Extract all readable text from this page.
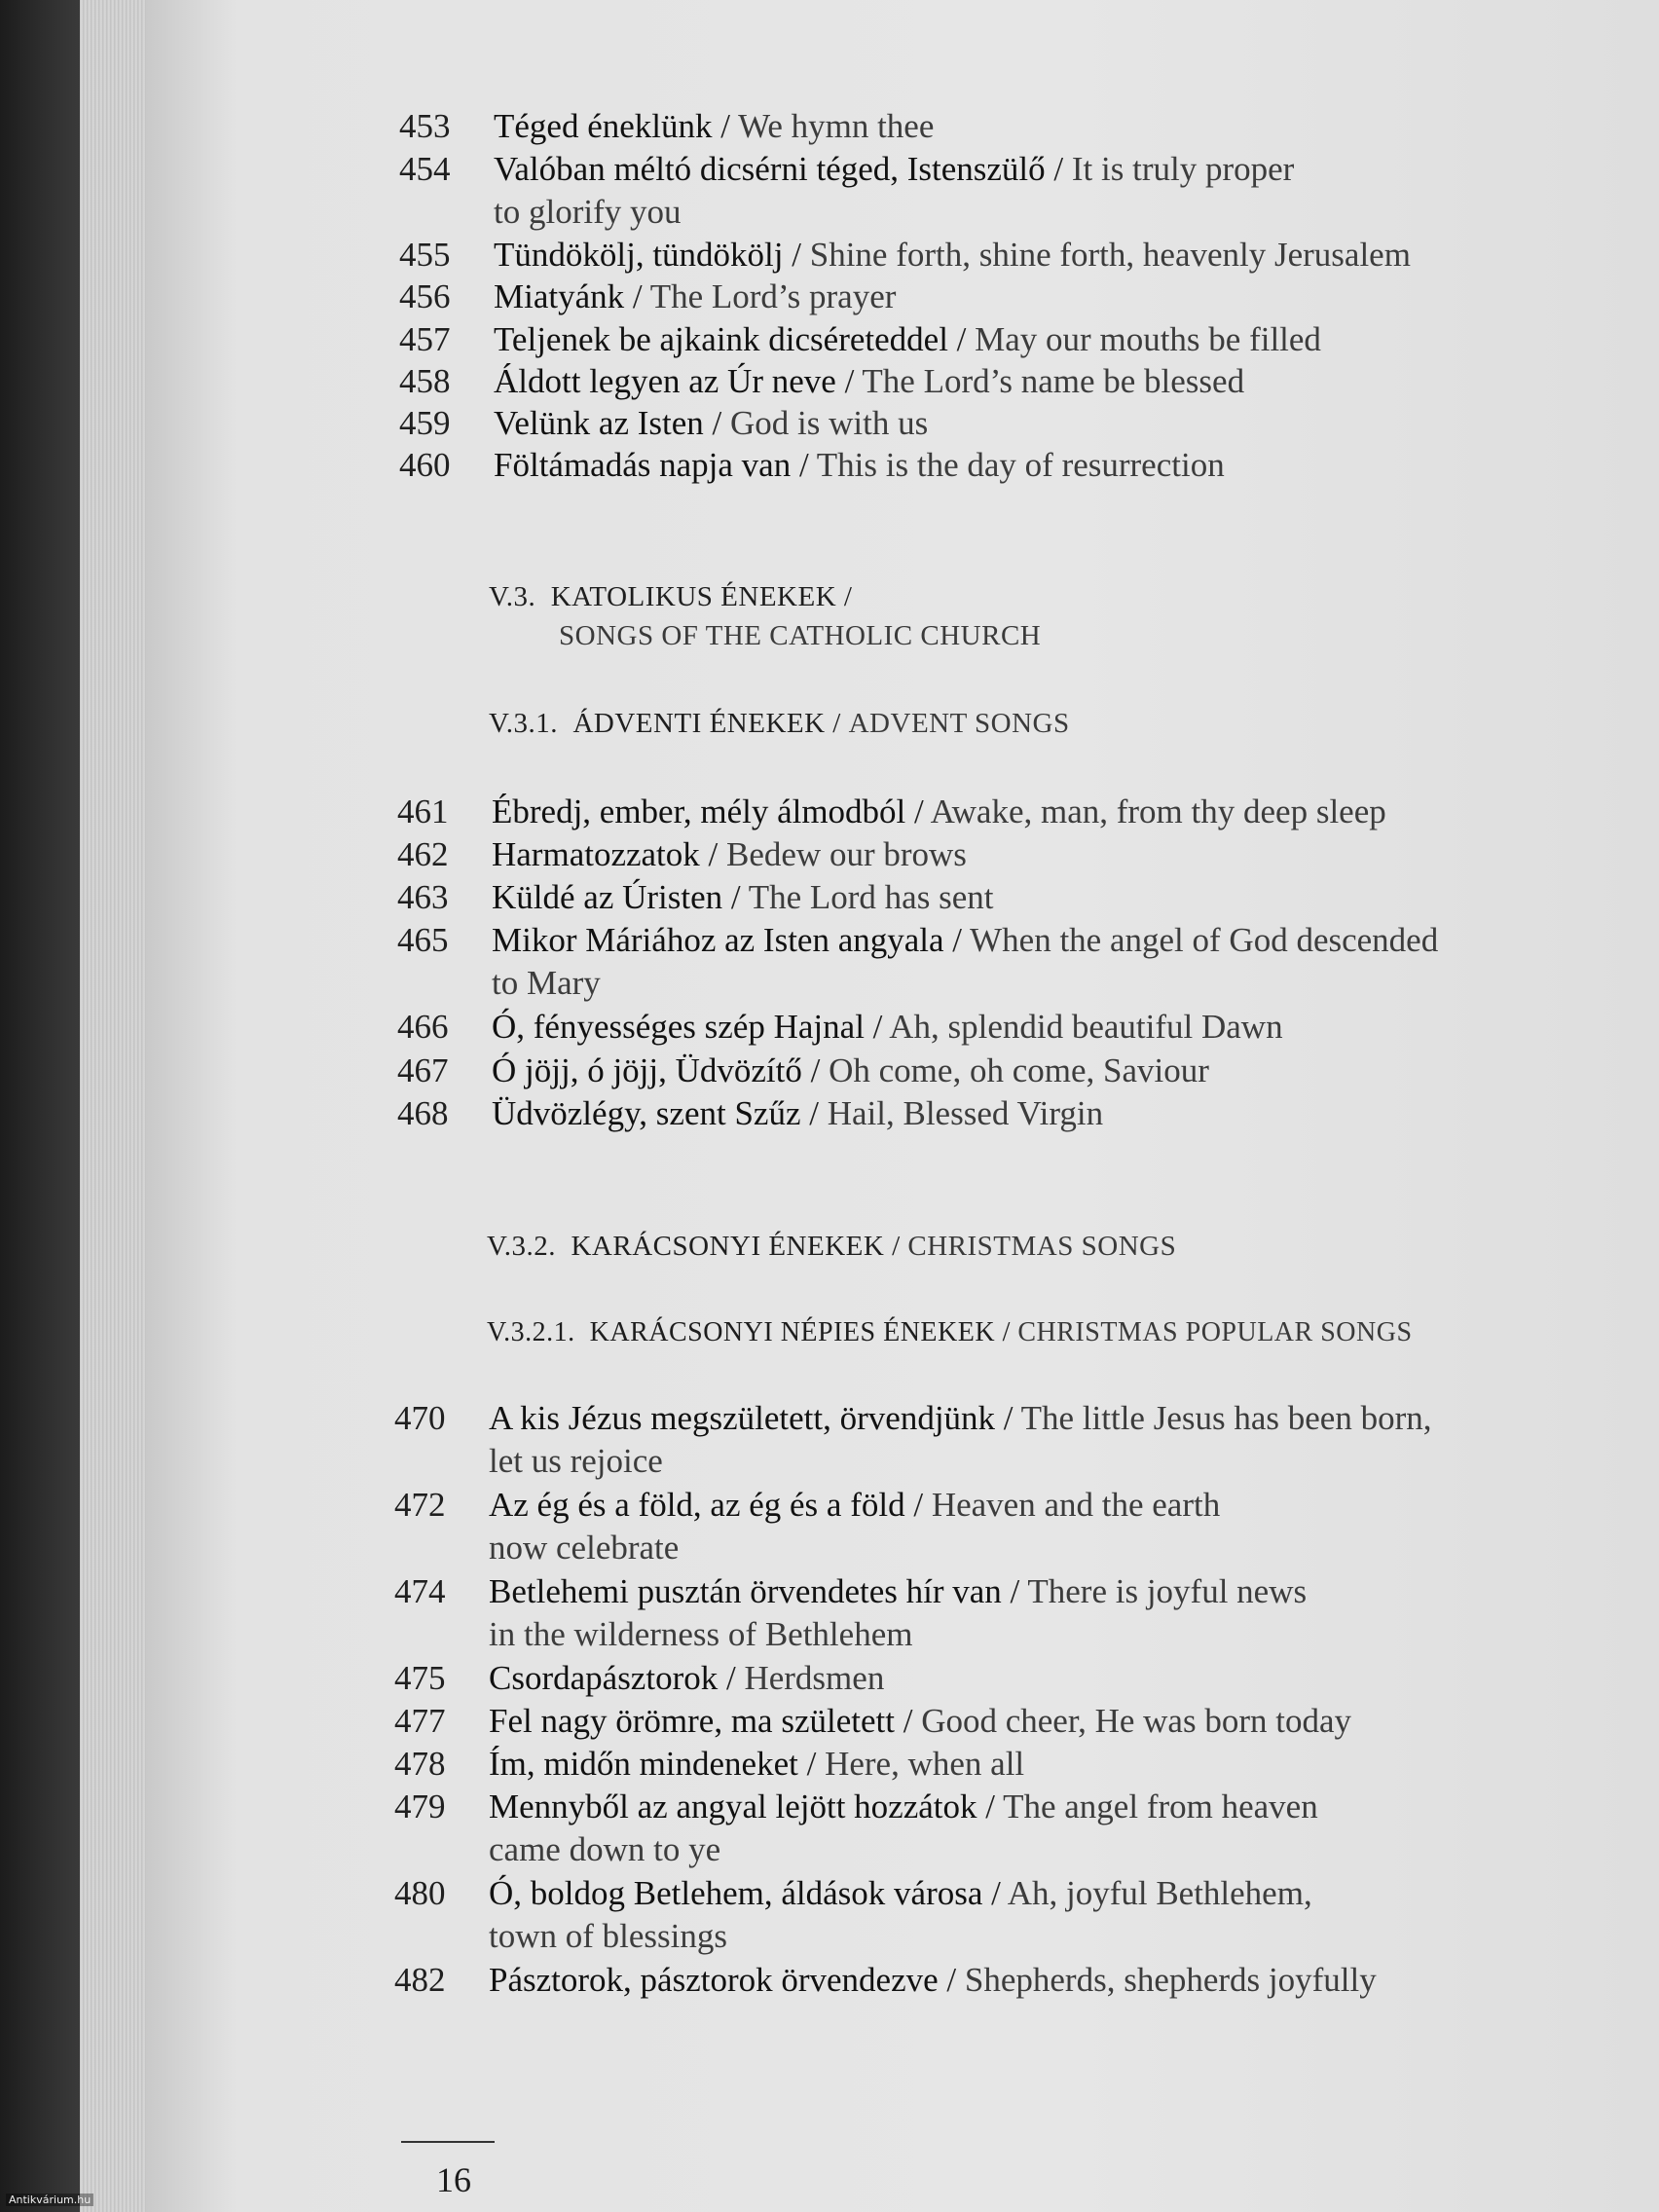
453	Téged éneklünk / We hymn thee
454	Valóban méltó dicsérni téged, Istenszülő / It is truly proper
to glorify you
455	Tündökölj, tündökölj / Shine forth, shine forth, heavenly Jerusalem
456	Miatyánk / The Lord’s prayer
457	Teljenek be ajkaink dicséreteddel / May our mouths be filled
458	Áldott legyen az Úr neve / The Lord’s name be blessed
459	Velünk az Isten / God is with us
460	Föltámadás napja van / This is the day of resurrection
V.3. KATOLIKUS ÉNEKEK /
SONGS OF THE CATHOLIC CHURCH
V.3.1. ÁDVENTI ÉNEKEK / ADVENT SONGS
461	Ébredj, ember, mély álmodból / Awake, man, from thy deep sleep
462	Harmatozzatok / Bedew our brows
463	Küldé az Úristen / The Lord has sent
465	Mikor Máriához az Isten angyala / When the angel of God descended
to Mary
466	Ó, fényességes szép Hajnal / Ah, splendid beautiful Dawn
467	Ó jöjj, ó jöjj, Üdvözítő / Oh come, oh come, Saviour
468	Üdvözlégy, szent Szűz / Hail, Blessed Virgin
V.3.2. KARÁCSONYI ÉNEKEK / CHRISTMAS SONGS
V.3.2.1. KARÁCSONYI NÉPIES ÉNEKEK / CHRISTMAS POPULAR SONGS
470	A kis Jézus megszületett, örvendjünk / The little Jesus has been born,
let us rejoice
472	Az ég és a föld, az ég és a föld / Heaven and the earth
now celebrate
474	Betlehemi pusztán örvendetes hír van / There is joyful news
in the wilderness of Bethlehem
475	Csordapásztorok / Herdsmen
477	Fel nagy örömre, ma született / Good cheer, He was born today
478	Ím, midőn mindeneket / Here, when all
479	Mennyből az angyal lejött hozzátok / The angel from heaven
came down to ye
480	Ó, boldog Betlehem, áldások városa / Ah, joyful Bethlehem,
town of blessings
482	Pásztorok, pásztorok örvendezve / Shepherds, shepherds joyfully
16
Antikvárium.hu
